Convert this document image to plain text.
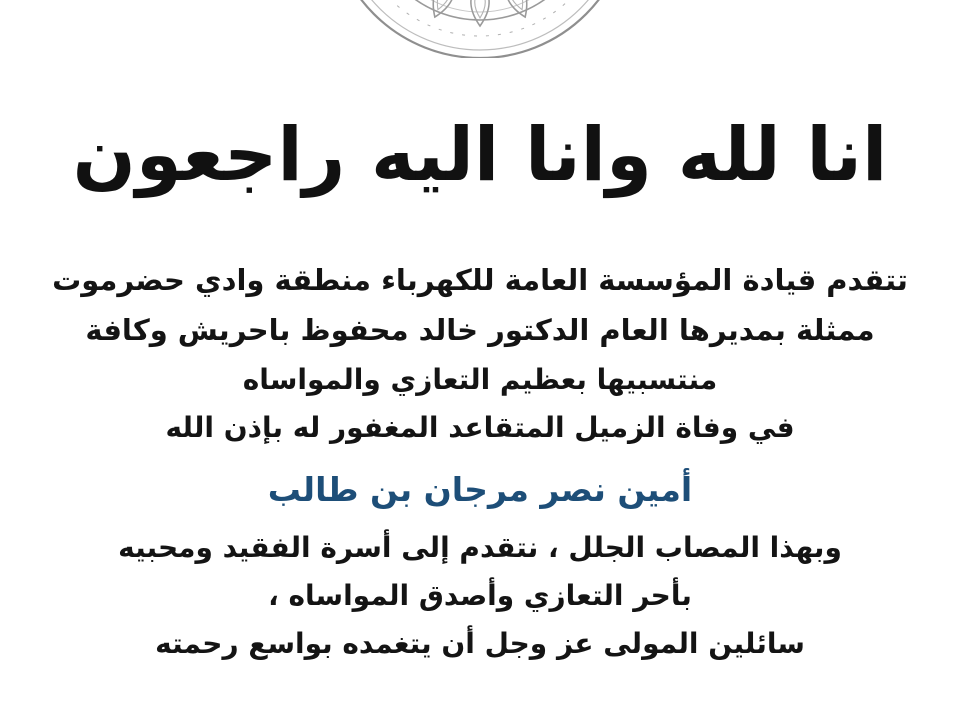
انا لله وانا اليه راجعون
تتقدم قيادة المؤسسة العامة للكهرباء منطقة وادي حضرموت
ممثلة بمديرها العام الدكتور خالد محفوظ باحريش وكافة
منتسبيها بعظيم التعازي والمواساه
في وفاة الزميل المتقاعد المغفور له بإذن الله
أمين نصر مرجان بن طالب
وبهذا المصاب الجلل ، نتقدم إلى أسرة الفقيد ومحبيه
بأحر التعازي وأصدق المواساه ،
سائلين المولى عز وجل أن يتغمده بواسع رحمته
